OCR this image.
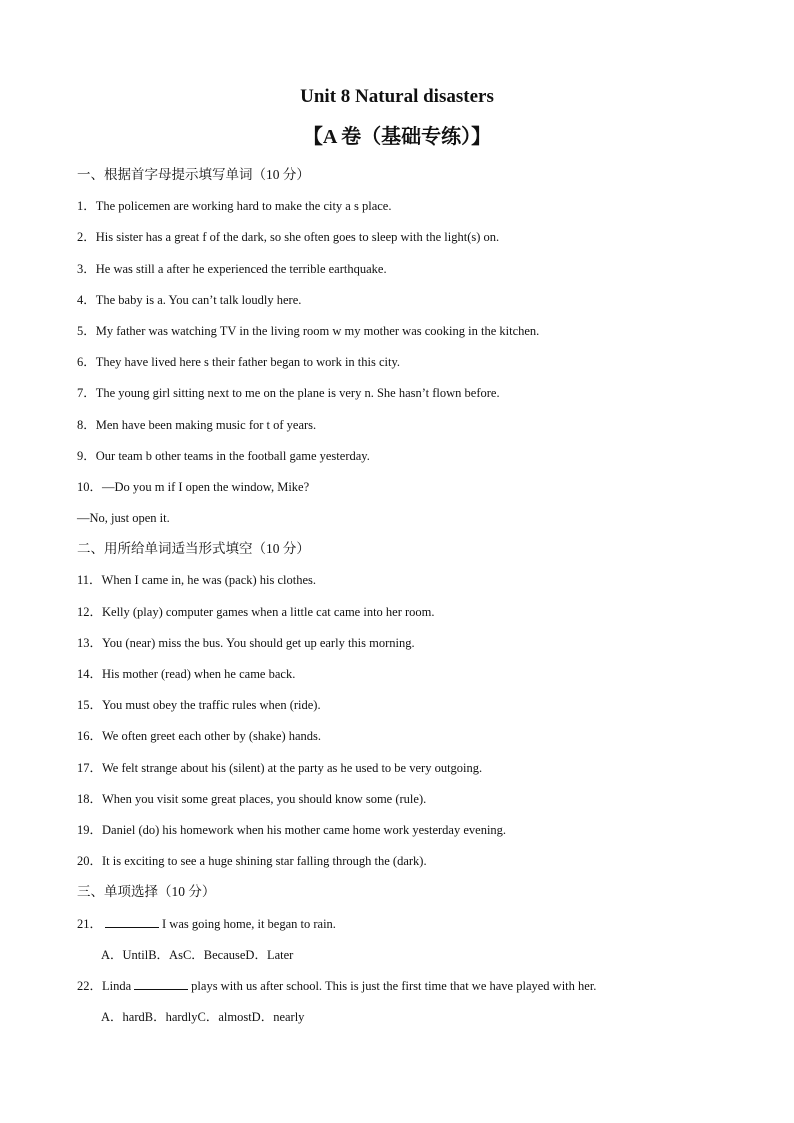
Unit 8 Natural disasters
【A 卷（基础专练）】

一、根据首字母提示填写单词（10 分）

1．The policemen are working hard to make the city a s place.

2．His sister has a great f of the dark, so she often goes to sleep with the light(s) on.

3．He was still a after he experienced the terrible earthquake.

4．The baby is a. You can’t talk loudly here.

5．My father was watching TV in the living room w my mother was cooking in the kitchen.

6．They have lived here s their father began to work in this city.

7．The young girl sitting next to me on the plane is very n. She hasn’t flown before.

8．Men have been making music for t of years.

9．Our team b other teams in the football game yesterday.

10．—Do you m if I open the window, Mike?

—No, just open it.

二、用所给单词适当形式填空（10 分）

11．When I came in, he was (pack) his clothes.

12．Kelly (play) computer games when a little cat came into her room.

13．You (near) miss the bus. You should get up early this morning.

14．His mother (read) when he came back.

15．You must obey the traffic rules when (ride).

16．We often greet each other by (shake) hands.

17．We felt strange about his (silent) at the party as he used to be very outgoing.

18．When you visit some great places, you should know some (rule).

19．Daniel (do) his homework when his mother came home work yesterday evening.

20．It is exciting to see a huge shining star falling through the (dark).

三、单项选择（10 分）

21．	I was going home, it began to rain.

A．UntilB．AsC．BecauseD．Later

22．Linda	plays with us after school. This is just the first time that we have played with her.

A．hardB．hardlyC．almostD．nearly
